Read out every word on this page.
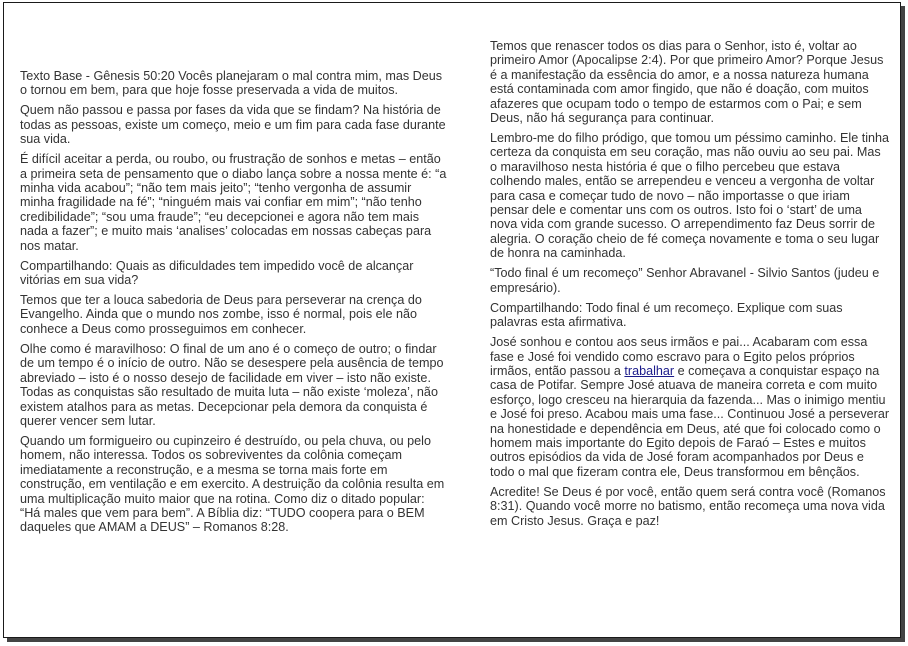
Texto Base - Gênesis 50:20 Vocês planejaram o mal contra mim, mas Deus o tornou em bem, para que hoje fosse preservada a vida de muitos.

Quem não passou e passa por fases da vida que se findam? Na história de todas as pessoas, existe um começo, meio e um fim para cada fase durante sua vida.

É difícil aceitar a perda, ou roubo, ou frustração de sonhos e metas – então a primeira seta de pensamento que o diabo lança sobre a nossa mente é: “a minha vida acabou”; “não tem mais jeito”; “tenho vergonha de assumir minha fragilidade na fé”; “ninguém mais vai confiar em mim”; “não tenho credibilidade”; “sou uma fraude”; “eu decepcionei e agora não tem mais nada a fazer”; e muito mais ‘analises’ colocadas em nossas cabeças para nos matar.

Compartilhando: Quais as dificuldades tem impedido você de alcançar vitórias em sua vida?

Temos que ter a louca sabedoria de Deus para perseverar na crença do Evangelho. Ainda que o mundo nos zombe, isso é normal, pois ele não conhece a Deus como prosseguimos em conhecer.

Olhe como é maravilhoso: O final de um ano é o começo de outro; o findar de um tempo é o início de outro. Não se desespere pela ausência de tempo abreviado – isto é o nosso desejo de facilidade em viver – isto não existe. Todas as conquistas são resultado de muita luta – não existe ‘moleza’, não existem atalhos para as metas. Decepcionar pela demora da conquista é querer vencer sem lutar.

Quando um formigueiro ou cupinzeiro é destruído, ou pela chuva, ou pelo homem, não interessa. Todos os sobreviventes da colônia começam imediatamente a reconstrução, e a mesma se torna mais forte em construção, em ventilação e em exercito. A destruição da colônia resulta em uma multiplicação muito maior que na rotina. Como diz o ditado popular: “Há males que vem para bem”. A Bíblia diz: “TUDO coopera para o BEM daqueles que AMAM a DEUS” – Romanos 8:28.

Temos que renascer todos os dias para o Senhor, isto é, voltar ao primeiro Amor (Apocalipse 2:4). Por que primeiro Amor? Porque Jesus é a manifestação da essência do amor, e a nossa natureza humana está contaminada com amor fingido, que não é doação, com muitos afazeres que ocupam todo o tempo de estarmos com o Pai; e sem Deus, não há segurança para continuar.

Lembro-me do filho pródigo, que tomou um péssimo caminho. Ele tinha certeza da conquista em seu coração, mas não ouviu ao seu pai. Mas o maravilhoso nesta história é que o filho percebeu que estava colhendo males, então se arrependeu e venceu a vergonha de voltar para casa e começar tudo de novo – não importasse o que iriam pensar dele e comentar uns com os outros. Isto foi o ‘start’ de uma nova vida com grande sucesso. O arrependimento faz Deus sorrir de alegria. O coração cheio de fé começa novamente e toma o seu lugar de honra na caminhada.

“Todo final é um recomeço” Senhor Abravanel - Silvio Santos (judeu e empresário).

Compartilhando: Todo final é um recomeço. Explique com suas palavras esta afirmativa.

José sonhou e contou aos seus irmãos e pai... Acabaram com essa fase e José foi vendido como escravo para o Egito pelos próprios irmãos, então passou a trabalhar e começava a conquistar espaço na casa de Potifar. Sempre José atuava de maneira correta e com muito esforço, logo cresceu na hierarquia da fazenda... Mas o inimigo mentiu e José foi preso. Acabou mais uma fase... Continuou José a perseverar na honestidade e dependência em Deus, até que foi colocado como o homem mais importante do Egito depois de Faraó – Estes e muitos outros episódios da vida de José foram acompanhados por Deus e todo o mal que fizeram contra ele, Deus transformou em bênçãos.

Acredite! Se Deus é por você, então quem será contra você (Romanos 8:31). Quando você morre no batismo, então recomeça uma nova vida em Cristo Jesus. Graça e paz!
